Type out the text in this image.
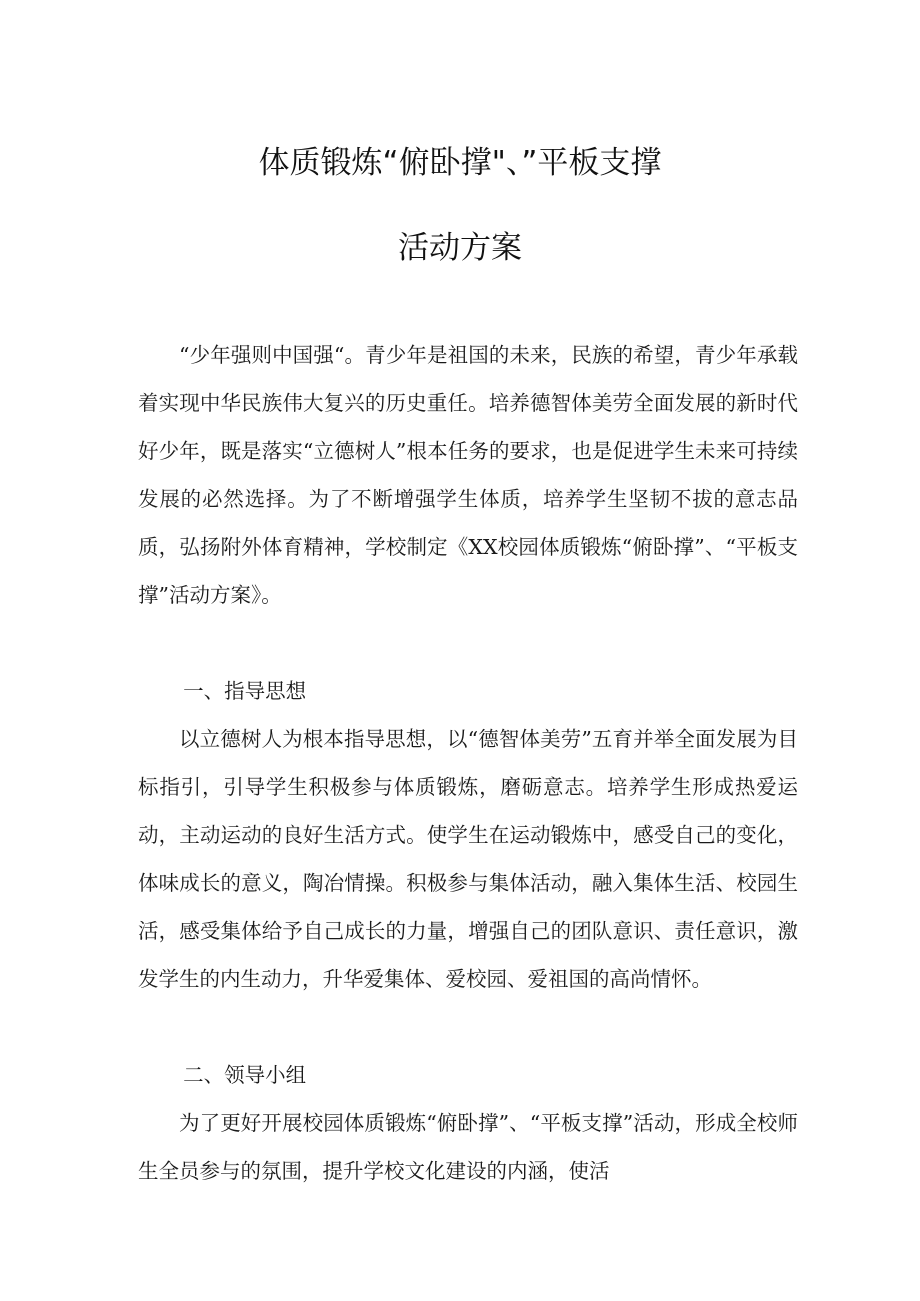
体质锻炼“俯卧撑"、”平板支撑
活动方案

“少年强则中国强“。青少年是祖国的未来，民族的希望，青少年承载着实现中华民族伟大复兴的历史重任。培养德智体美劳全面发展的新时代好少年，既是落实“立德树人”根本任务的要求，也是促进学生未来可持续发展的必然选择。为了不断增强学生体质，培养学生坚韧不拔的意志品质，弘扬附外体育精神，学校制定《XX校园体质锻炼“俯卧撑”、“平板支撑”活动方案》。

一、指导思想

以立德树人为根本指导思想，以“德智体美劳”五育并举全面发展为目标指引，引导学生积极参与体质锻炼，磨砺意志。培养学生形成热爱运动，主动运动的良好生活方式。使学生在运动锻炼中，感受自己的变化，体味成长的意义，陶冶情操。积极参与集体活动，融入集体生活、校园生活，感受集体给予自己成长的力量，增强自己的团队意识、责任意识，激发学生的内生动力，升华爱集体、爱校园、爱祖国的高尚情怀。

二、领导小组

为了更好开展校园体质锻炼“俯卧撑”、“平板支撑”活动，形成全校师生全员参与的氛围，提升学校文化建设的内涵，使活
